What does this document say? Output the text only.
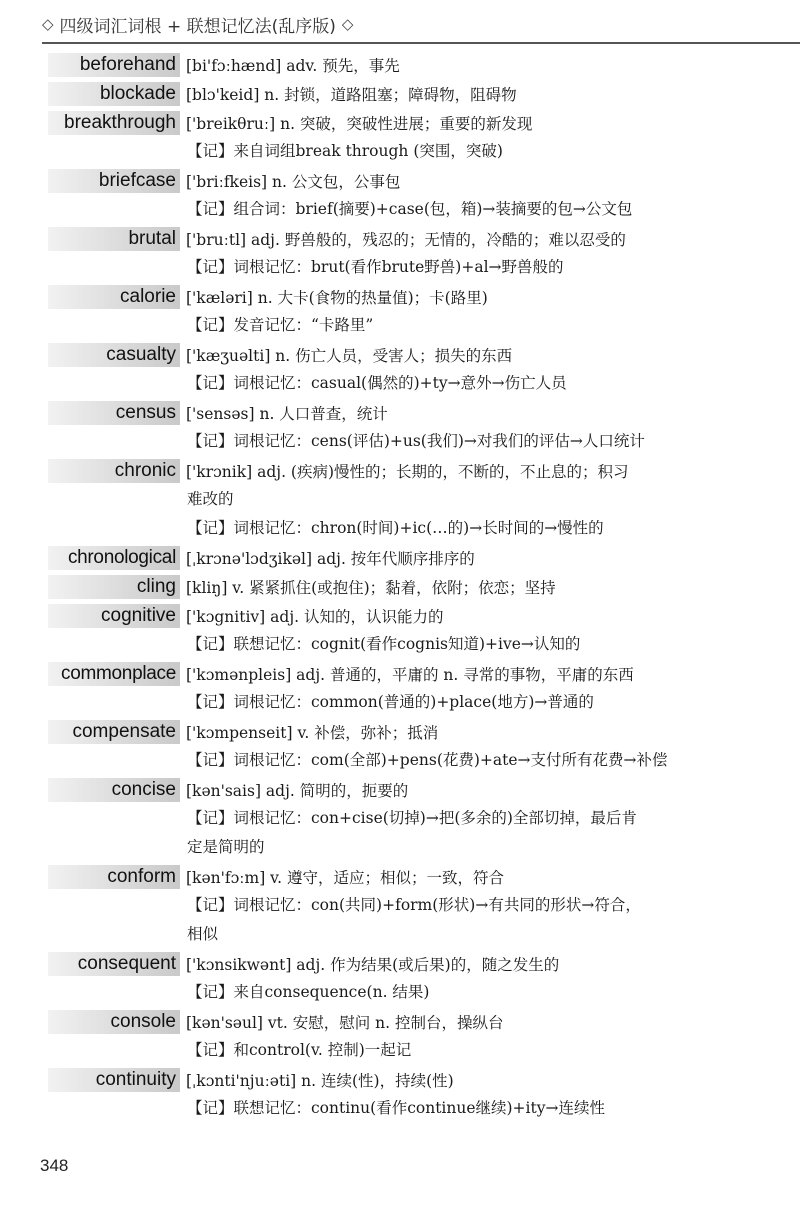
◇ 四级词汇词根 + 联想记忆法(乱序版) ◇
beforehand [bi'fɔːhænd] adv. 预先，事先
blockade [blɔ'keid] n. 封锁，道路阻塞；障碍物，阻碍物
breakthrough ['breikθruː] n. 突破，突破性进展；重要的新发现
【记】来自词组break through (突围，突破)
briefcase ['briːfkeis] n. 公文包，公事包
【记】组合词：brief(摘要)+case(包，箱)→装摘要的包→公文包
brutal ['bruːtl] adj. 野兽般的，残忍的；无情的，冷酷的；难以忍受的
【记】词根记忆：brut(看作brute野兽)+al→野兽般的
calorie ['kæləri] n. 大卡(食物的热量值)；卡(路里)
【记】发音记忆：“卡路里”
casualty ['kæʒuəlti] n. 伤亡人员，受害人；损失的东西
【记】词根记忆：casual(偶然的)+ty→意外→伤亡人员
census ['sensəs] n. 人口普查，统计
【记】词根记忆：cens(评估)+us(我们)→对我们的评估→人口统计
chronic ['krɔnik] adj. (疾病)慢性的；长期的，不断的，不止息的；积习
难改的
【记】词根记忆：chron(时间)+ic(…的)→长时间的→慢性的
chronological [ˌkrɔnə'lɔdʒikəl] adj. 按年代顺序排序的
cling [kliŋ] v. 紧紧抓住(或抱住)；黏着，依附；依恋；坚持
cognitive ['kɔgnitiv] adj. 认知的，认识能力的
【记】联想记忆：cognit(看作cognis知道)+ive→认知的
commonplace ['kɔmənpleis] adj. 普通的，平庸的 n. 寻常的事物，平庸的东西
【记】词根记忆：common(普通的)+place(地方)→普通的
compensate ['kɔmpenseit] v. 补偿，弥补；抵消
【记】词根记忆：com(全部)+pens(花费)+ate→支付所有花费→补偿
concise [kən'sais] adj. 简明的，扼要的
【记】词根记忆：con+cise(切掉)→把(多余的)全部切掉，最后肯
定是简明的
conform [kən'fɔːm] v. 遵守，适应；相似；一致，符合
【记】词根记忆：con(共同)+form(形状)→有共同的形状→符合，
相似
consequent ['kɔnsikwənt] adj. 作为结果(或后果)的，随之发生的
【记】来自consequence(n. 结果)
console [kən'səul] vt. 安慰，慰问 n. 控制台，操纵台
【记】和control(v. 控制)一起记
continuity [ˌkɔnti'njuːəti] n. 连续(性)，持续(性)
【记】联想记忆：continu(看作continue继续)+ity→连续性
348
